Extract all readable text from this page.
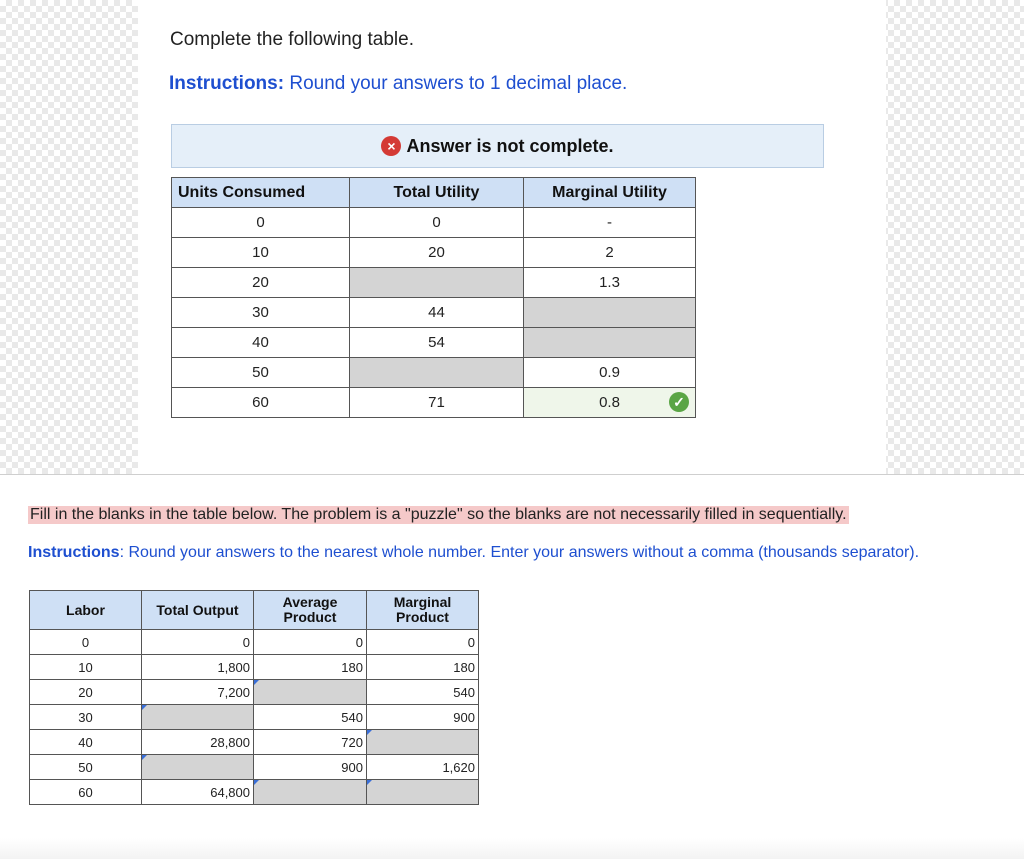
Complete the following table.
Instructions: Round your answers to 1 decimal place.
× Answer is not complete.
Units Consumed	Total Utility	Marginal Utility
0	0	-
10	20	2
20		1.3
30	44	
40	54	
50		0.9
60	71	0.8 ✓
Fill in the blanks in the table below. The problem is a "puzzle" so the blanks are not necessarily filled in sequentially.
Instructions: Round your answers to the nearest whole number. Enter your answers without a comma (thousands separator).
Labor	Total Output	Average Product	Marginal Product
0	0	0	0
10	1,800	180	180
20	7,200		540
30		540	900
40	28,800	720	
50		900	1,620
60	64,800		
